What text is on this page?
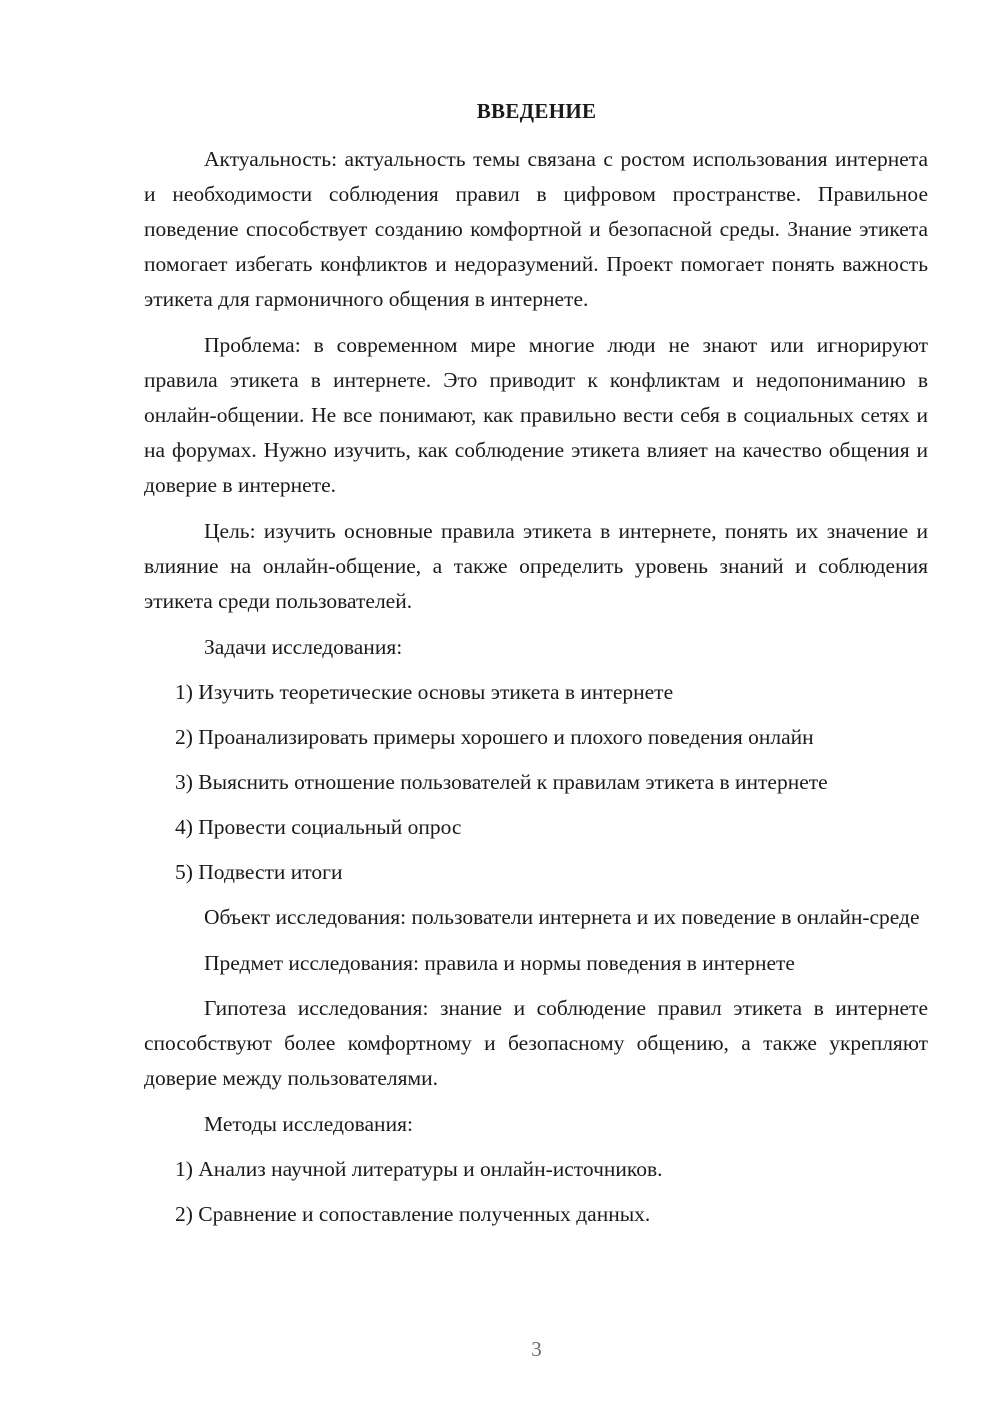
ВВЕДЕНИЕ

Актуальность: актуальность темы связана с ростом использования интернета и необходимости соблюдения правил в цифровом пространстве. Правильное поведение способствует созданию комфортной и безопасной среды. Знание этикета помогает избегать конфликтов и недоразумений. Проект помогает понять важность этикета для гармоничного общения в интернете.

Проблема: в современном мире многие люди не знают или игнорируют правила этикета в интернете. Это приводит к конфликтам и недопониманию в онлайн-общении. Не все понимают, как правильно вести себя в социальных сетях и на форумах. Нужно изучить, как соблюдение этикета влияет на качество общения и доверие в интернете.

Цель: изучить основные правила этикета в интернете, понять их значение и влияние на онлайн-общение, а также определить уровень знаний и соблюдения этикета среди пользователей.

Задачи исследования:

1) Изучить теоретические основы этикета в интернете

2) Проанализировать примеры хорошего и плохого поведения онлайн

3) Выяснить отношение пользователей к правилам этикета в интернете

4) Провести социальный опрос

5) Подвести итоги

Объект исследования: пользователи интернета и их поведение в онлайн-среде

Предмет исследования: правила и нормы поведения в интернете

Гипотеза исследования: знание и соблюдение правил этикета в интернете способствуют более комфортному и безопасному общению, а также укрепляют доверие между пользователями.

Методы исследования:

1) Анализ научной литературы и онлайн-источников.

2) Сравнение и сопоставление полученных данных.

3
